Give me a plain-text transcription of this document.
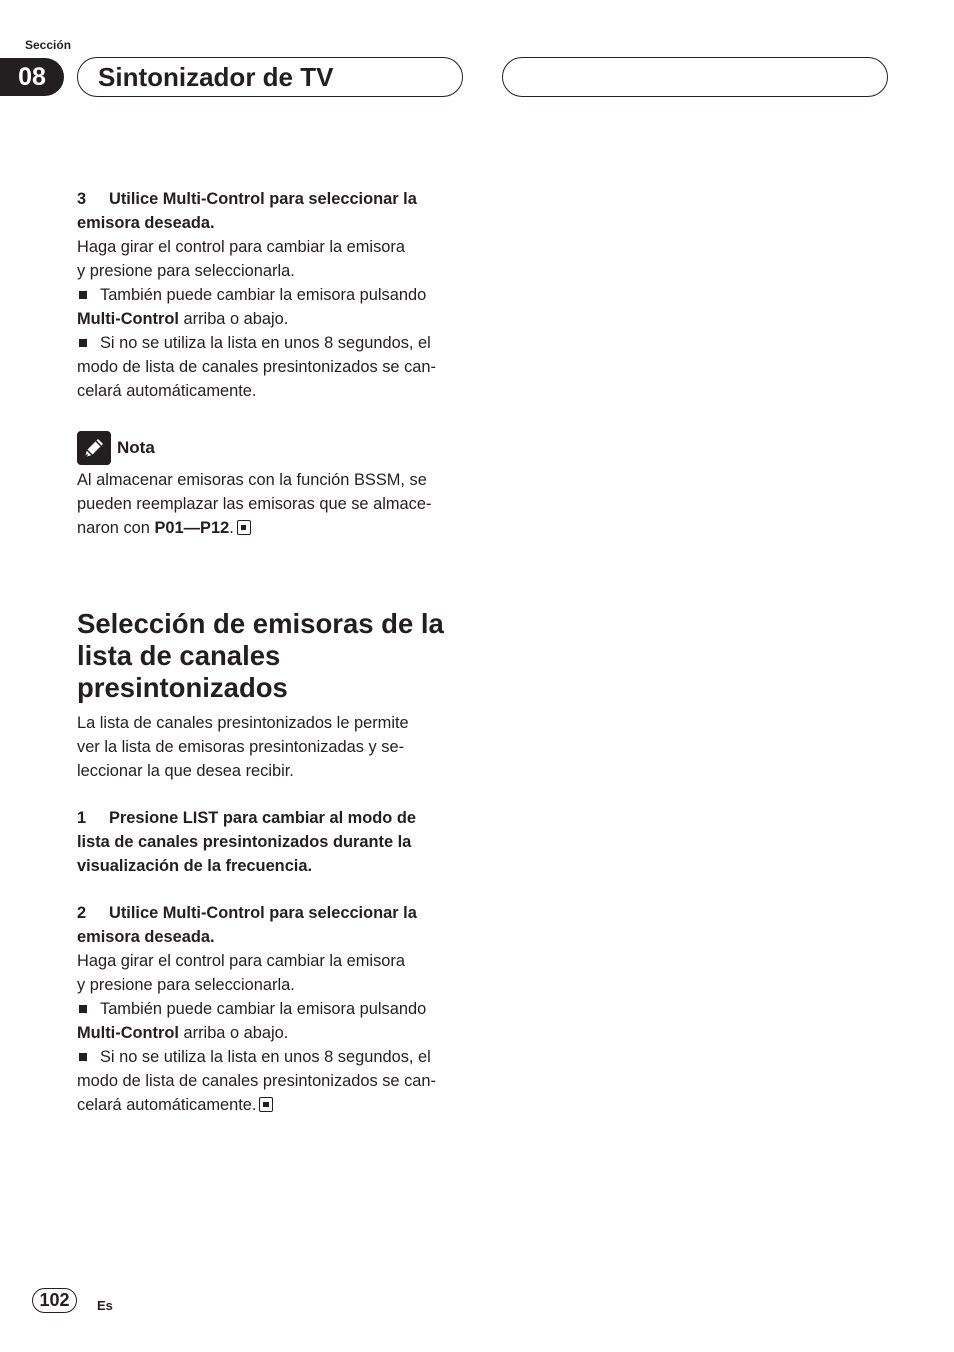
Sección
08	Sintonizador de TV

3 Utilice Multi-Control para seleccionar la

emisora deseada.

Haga girar el control para cambiar la emisora

y presione para seleccionarla.

También puede cambiar la emisora pulsando

Multi-Control arriba o abajo.

Si no se utiliza la lista en unos 8 segundos, el

modo de lista de canales presintonizados se can-

celará automáticamente.

Nota

Al almacenar emisoras con la función BSSM, se

pueden reemplazar las emisoras que se almace-

naron con P01—P12.

Selección de emisoras de la
lista de canales
presintonizados

La lista de canales presintonizados le permite

ver la lista de emisoras presintonizadas y se-

leccionar la que desea recibir.

1 Presione LIST para cambiar al modo de

lista de canales presintonizados durante la

visualización de la frecuencia.

2 Utilice Multi-Control para seleccionar la

emisora deseada.

Haga girar el control para cambiar la emisora

y presione para seleccionarla.

También puede cambiar la emisora pulsando

Multi-Control arriba o abajo.

Si no se utiliza la lista en unos 8 segundos, el

modo de lista de canales presintonizados se can-

celará automáticamente.

102	Es
